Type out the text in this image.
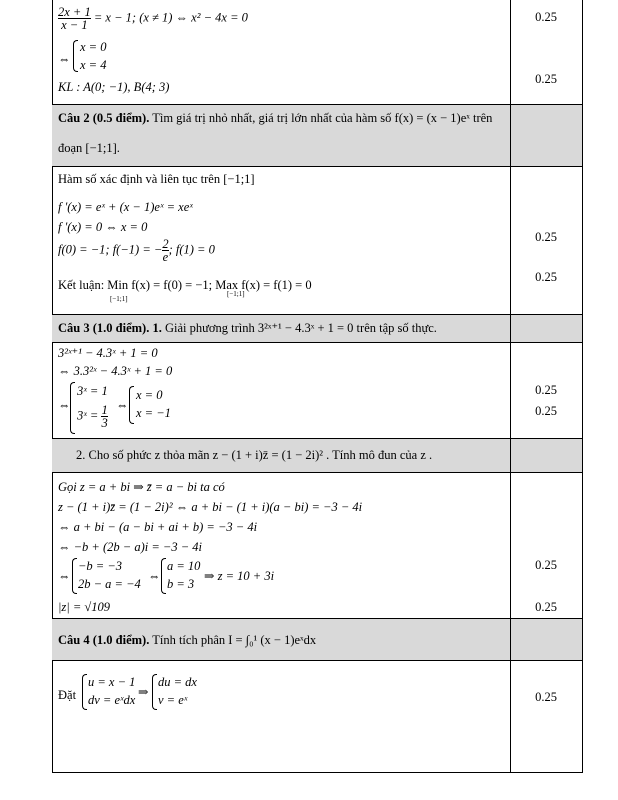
$\frac{2x + 1}{x - 1} = x - 1$; (x ≠ 1) ⇔ x² − 4x = 0
⇔
x = 0
x = 4
KL : A(0; −1), B(4; 3)
0.25
0.25
Câu 2 (0.5 điểm). Tìm giá trị nhỏ nhất, giá trị lớn nhất của hàm số f(x) = (x − 1)eˣ trên
đoạn [−1;1].
Hàm số xác định và liên tục trên [−1;1]
f '(x) = eˣ + (x − 1)eˣ = xeˣ
f '(x) = 0 ⇔ x = 0
f(0) = −1; f(−1) = − $\frac{2}{e}$ ; f(1) = 0
Kết luận: Min f(x) = f(0) = −1; Max f(x) = f(1) = 0
[−1;1]
[−1;1]
0.25
0.25
Câu 3 (1.0 điểm). 1. Giải phương trình 3²ˣ⁺¹ − 4.3ˣ + 1 = 0 trên tập số thực.
3²ˣ⁺¹ − 4.3ˣ + 1 = 0
⇔ 3.3²ˣ − 4.3ˣ + 1 = 0
⇔
3ˣ = 1
3ˣ = $\frac{1}{3}$ ⇔
x = 0
x = −1
0.25
0.25
2. Cho số phức z thỏa mãn z − (1 + i)z̄ = (1 − 2i)² . Tính mô đun của z .
Gọi z = a + bi ⇒ z̄ = a − bi ta có
z − (1 + i)z̄ = (1 − 2i)² ⇔ a + bi − (1 + i)(a − bi) = −3 − 4i
⇔ a + bi − (a − bi + ai + b) = −3 − 4i
⇔ −b + (2b − a)i = −3 − 4i
⇔
−b = −3
2b − a = −4
⇔
a = 10
b = 3
⇒ z = 10 + 3i
|z| = √109
0.25
0.25
Câu 4 (1.0 điểm). Tính tích phân I = ∫₀¹ (x − 1)eˣdx
Đặt
u = x − 1
dv = eˣdx
⇒
du = dx
v = eˣ	0.25
